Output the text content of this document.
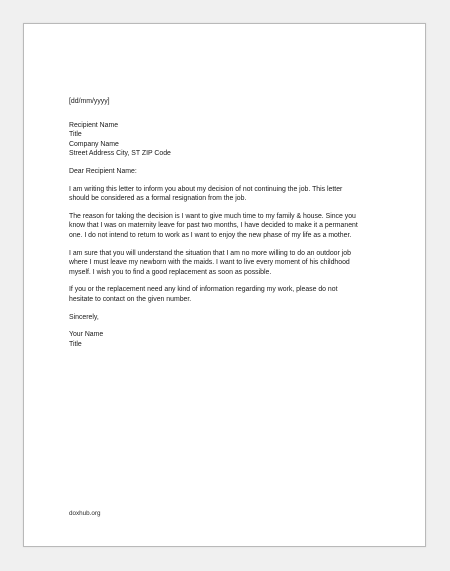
[dd/mm/yyyy]
Recipient Name
Title
Company Name
Street Address City, ST ZIP Code
Dear Recipient Name:
I am writing this letter to inform you about my decision of not continuing the job. This letter
should be considered as a formal resignation from the job.
The reason for taking the decision is I want to give much time to my family & house. Since you
know that I was on maternity leave for past two months, I have decided to make it a permanent
one. I do not intend to return to work as I want to enjoy the new phase of my life as a mother.
I am sure that you will understand the situation that I am no more willing to do an outdoor job
where I must leave my newborn with the maids. I want to live every moment of his childhood
myself. I wish you to find a good replacement as soon as possible.
If you or the replacement need any kind of information regarding my work, please do not
hesitate to contact on the given number.
Sincerely,
Your Name
Title
doxhub.org
